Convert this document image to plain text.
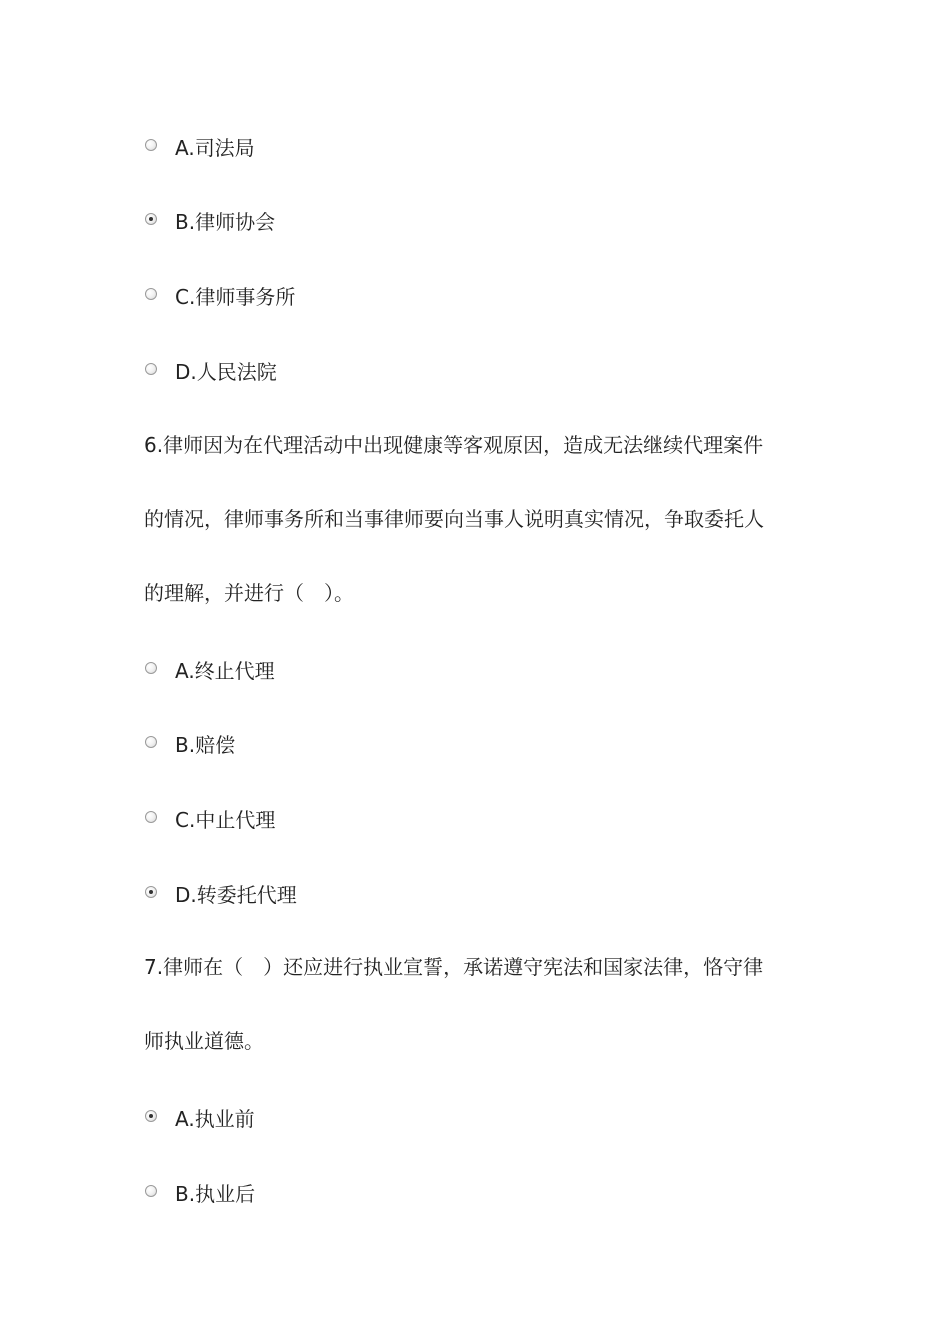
A.司法局
B.律师协会
C.律师事务所
D.人民法院
6.律师因为在代理活动中出现健康等客观原因，造成无法继续代理案件
的情况，律师事务所和当事律师要向当事人说明真实情况，争取委托人
的理解，并进行（　）。
A.终止代理
B.赔偿
C.中止代理
D.转委托代理
7.律师在（　）还应进行执业宣誓，承诺遵守宪法和国家法律，恪守律
师执业道德。
A.执业前
B.执业后
